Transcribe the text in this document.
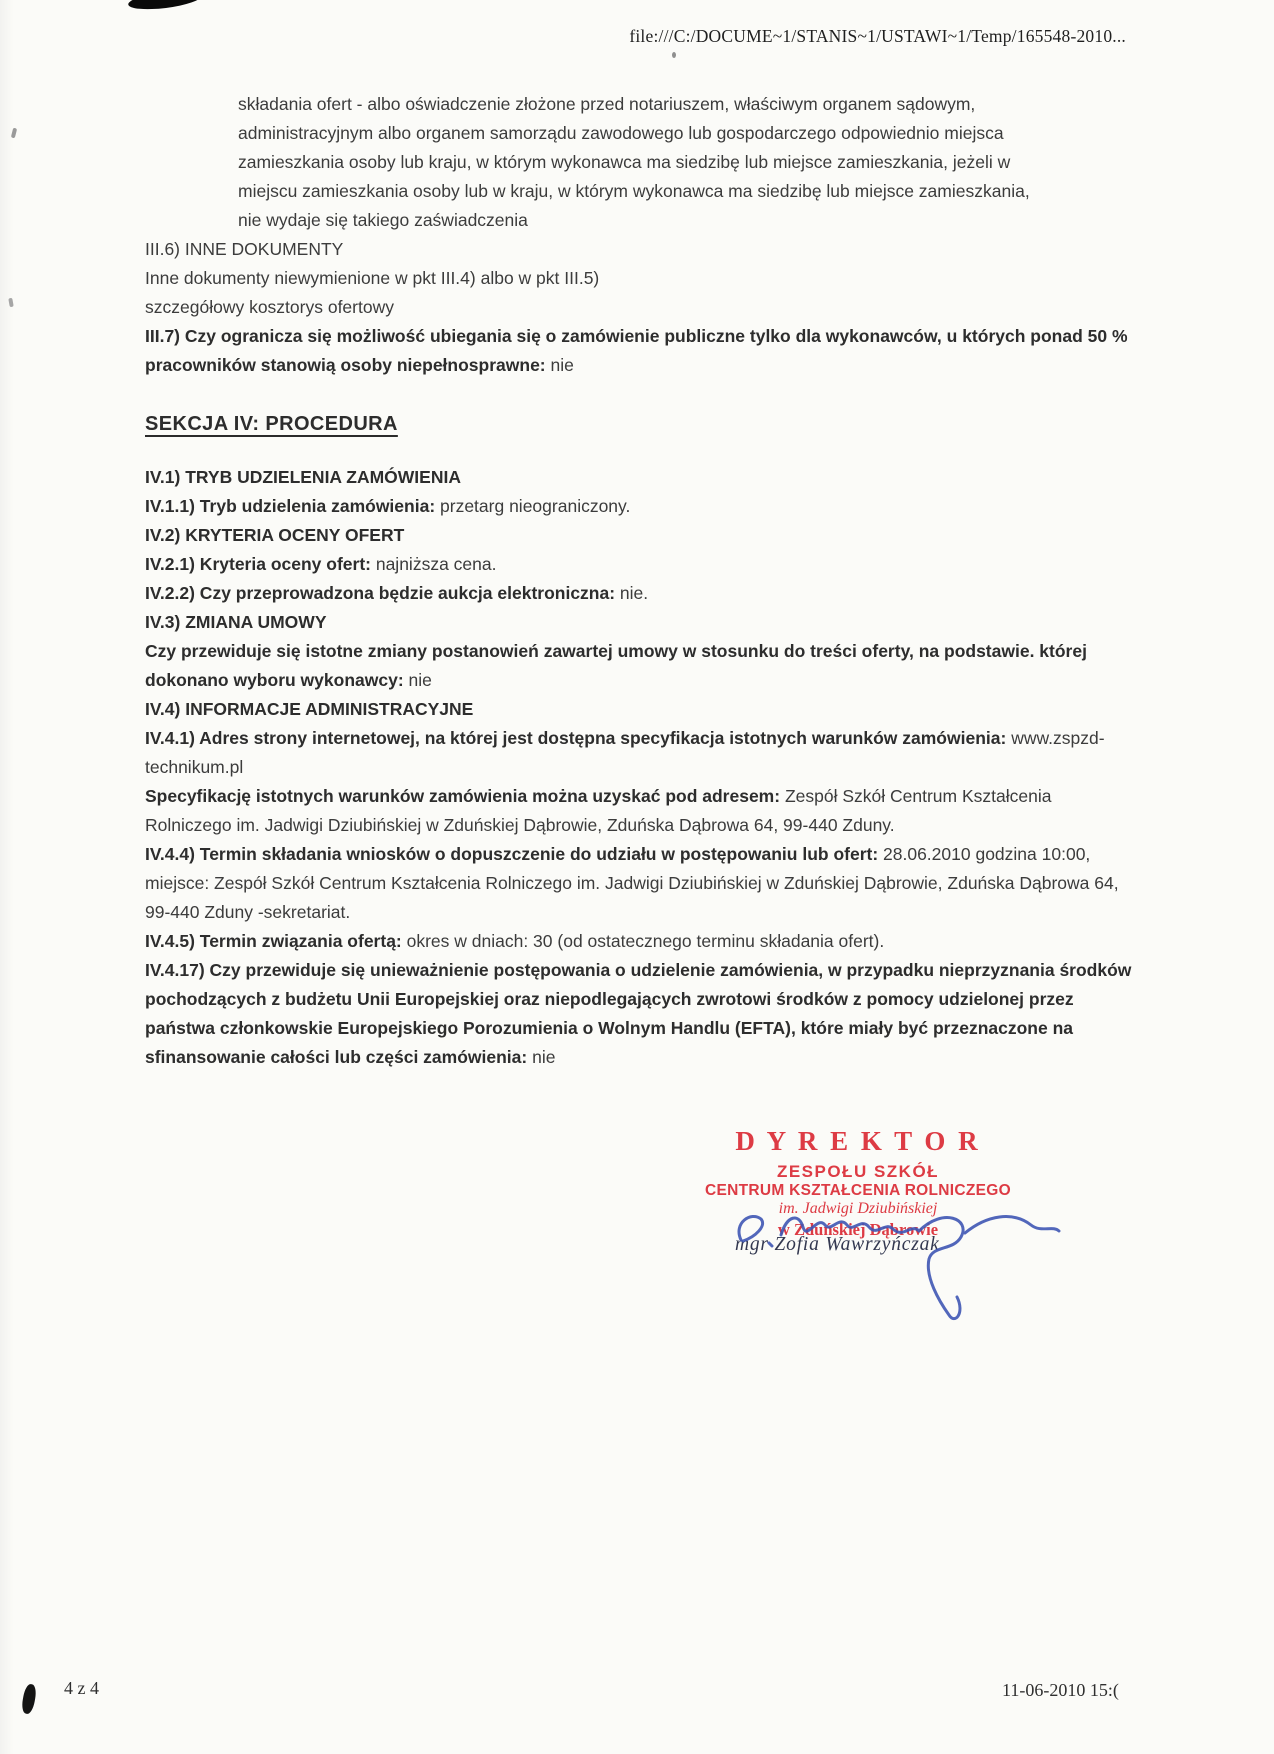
file:///C:/DOCUME~1/STANIS~1/USTAWI~1/Temp/165548-2010...

składania ofert - albo oświadczenie złożone przed notariuszem, właściwym organem sądowym, administracyjnym albo organem samorządu zawodowego lub gospodarczego odpowiednio miejsca zamieszkania osoby lub kraju, w którym wykonawca ma siedzibę lub miejsce zamieszkania, jeżeli w miejscu zamieszkania osoby lub w kraju, w którym wykonawca ma siedzibę lub miejsce zamieszkania, nie wydaje się takiego zaświadczenia

III.6) INNE DOKUMENTY

Inne dokumenty niewymienione w pkt III.4) albo w pkt III.5)

szczegółowy kosztorys ofertowy

III.7) Czy ogranicza się możliwość ubiegania się o zamówienie publiczne tylko dla wykonawców, u których ponad 50 % pracowników stanowią osoby niepełnosprawne: nie

SEKCJA IV: PROCEDURA

IV.1) TRYB UDZIELENIA ZAMÓWIENIA

IV.1.1) Tryb udzielenia zamówienia: przetarg nieograniczony.

IV.2) KRYTERIA OCENY OFERT

IV.2.1) Kryteria oceny ofert: najniższa cena.

IV.2.2) Czy przeprowadzona będzie aukcja elektroniczna: nie.

IV.3) ZMIANA UMOWY

Czy przewiduje się istotne zmiany postanowień zawartej umowy w stosunku do treści oferty, na podstawie. której dokonano wyboru wykonawcy: nie

IV.4) INFORMACJE ADMINISTRACYJNE

IV.4.1) Adres strony internetowej, na której jest dostępna specyfikacja istotnych warunków zamówienia: www.zspzd-technikum.pl

Specyfikację istotnych warunków zamówienia można uzyskać pod adresem: Zespół Szkół Centrum Kształcenia Rolniczego im. Jadwigi Dziubińskiej w Zduńskiej Dąbrowie, Zduńska Dąbrowa 64, 99-440 Zduny.

IV.4.4) Termin składania wniosków o dopuszczenie do udziału w postępowaniu lub ofert: 28.06.2010 godzina 10:00, miejsce: Zespół Szkół Centrum Kształcenia Rolniczego im. Jadwigi Dziubińskiej w Zduńskiej Dąbrowie, Zduńska Dąbrowa 64, 99-440 Zduny -sekretariat.

IV.4.5) Termin związania ofertą: okres w dniach: 30 (od ostatecznego terminu składania ofert).

IV.4.17) Czy przewiduje się unieważnienie postępowania o udzielenie zamówienia, w przypadku nieprzyznania środków pochodzących z budżetu Unii Europejskiej oraz niepodlegających zwrotowi środków z pomocy udzielonej przez państwa członkowskie Europejskiego Porozumienia o Wolnym Handlu (EFTA), które miały być przeznaczone na sfinansowanie całości lub części zamówienia: nie

D Y R E K T O R
ZESPOŁU SZKÓŁ
CENTRUM KSZTAŁCENIA ROLNICZEGO
im. Jadwigi Dziubińskiej
w Zduńskiej Dąbrowie
mgr Zofia Wawrzyńczak
4 z 4	11-06-2010 15:(
